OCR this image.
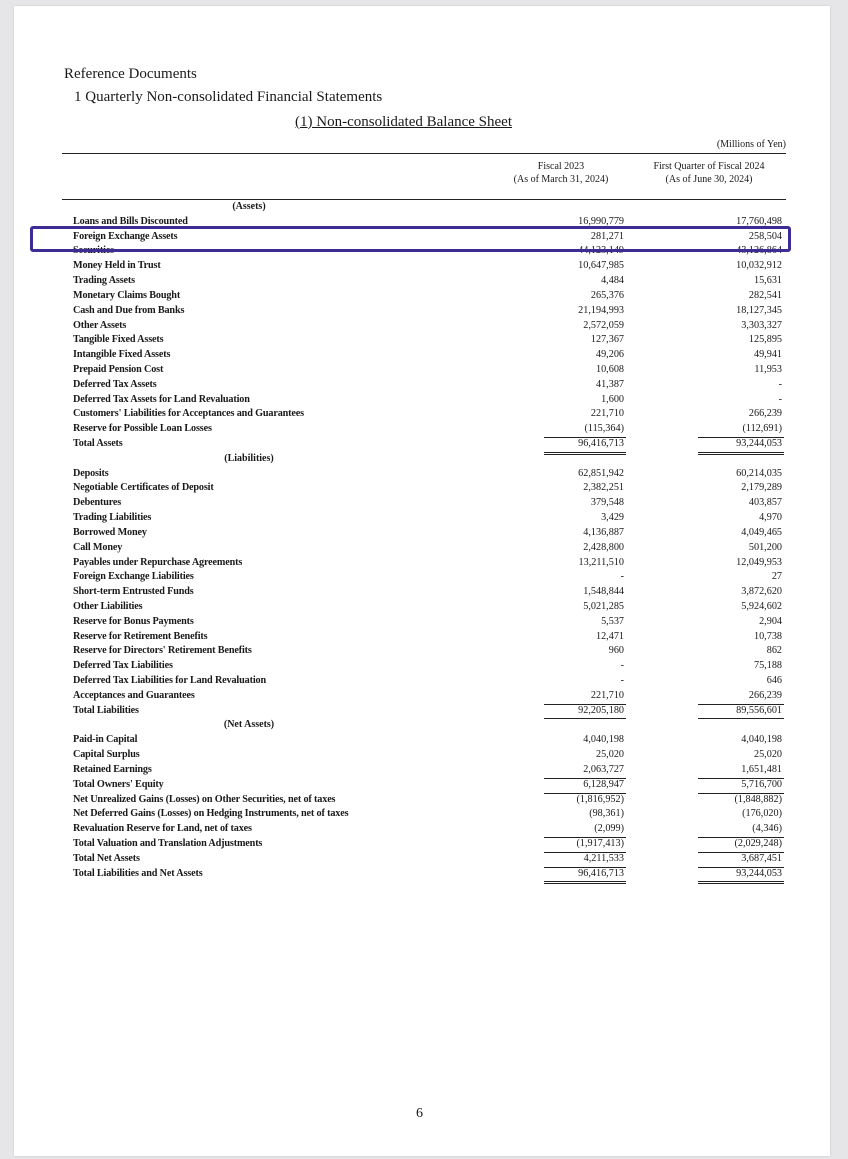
Reference Documents
1 Quarterly Non-consolidated Financial Statements
(1) Non-consolidated Balance Sheet
(Millions of Yen)
Fiscal 2023
(As of March 31, 2024)
First Quarter of Fiscal 2024
(As of June 30, 2024)
(Assets)
Loans and Bills Discounted	16,990,779	17,760,498
Foreign Exchange Assets	281,271	258,504
Securities	44,123,149	43,126,864
Money Held in Trust	10,647,985	10,032,912
Trading Assets	4,484	15,631
Monetary Claims Bought	265,376	282,541
Cash and Due from Banks	21,194,993	18,127,345
Other Assets	2,572,059	3,303,327
Tangible Fixed Assets	127,367	125,895
Intangible Fixed Assets	49,206	49,941
Prepaid Pension Cost	10,608	11,953
Deferred Tax Assets	41,387	-
Deferred Tax Assets for Land Revaluation	1,600	-
Customers' Liabilities for Acceptances and Guarantees	221,710	266,239
Reserve for Possible Loan Losses	(115,364)	(112,691)
Total Assets	96,416,713	93,244,053
(Liabilities)
Deposits	62,851,942	60,214,035
Negotiable Certificates of Deposit	2,382,251	2,179,289
Debentures	379,548	403,857
Trading Liabilities	3,429	4,970
Borrowed Money	4,136,887	4,049,465
Call Money	2,428,800	501,200
Payables under Repurchase Agreements	13,211,510	12,049,953
Foreign Exchange Liabilities	-	27
Short-term Entrusted Funds	1,548,844	3,872,620
Other Liabilities	5,021,285	5,924,602
Reserve for Bonus Payments	5,537	2,904
Reserve for Retirement Benefits	12,471	10,738
Reserve for Directors' Retirement Benefits	960	862
Deferred Tax Liabilities	-	75,188
Deferred Tax Liabilities for Land Revaluation	-	646
Acceptances and Guarantees	221,710	266,239
Total Liabilities	92,205,180	89,556,601
(Net Assets)
Paid-in Capital	4,040,198	4,040,198
Capital Surplus	25,020	25,020
Retained Earnings	2,063,727	1,651,481
Total Owners' Equity	6,128,947	5,716,700
Net Unrealized Gains (Losses) on Other Securities, net of taxes	(1,816,952)	(1,848,882)
Net Deferred Gains (Losses) on Hedging Instruments, net of taxes	(98,361)	(176,020)
Revaluation Reserve for Land, net of taxes	(2,099)	(4,346)
Total Valuation and Translation Adjustments	(1,917,413)	(2,029,248)
Total Net Assets	4,211,533	3,687,451
Total Liabilities and Net Assets	96,416,713	93,244,053
6
